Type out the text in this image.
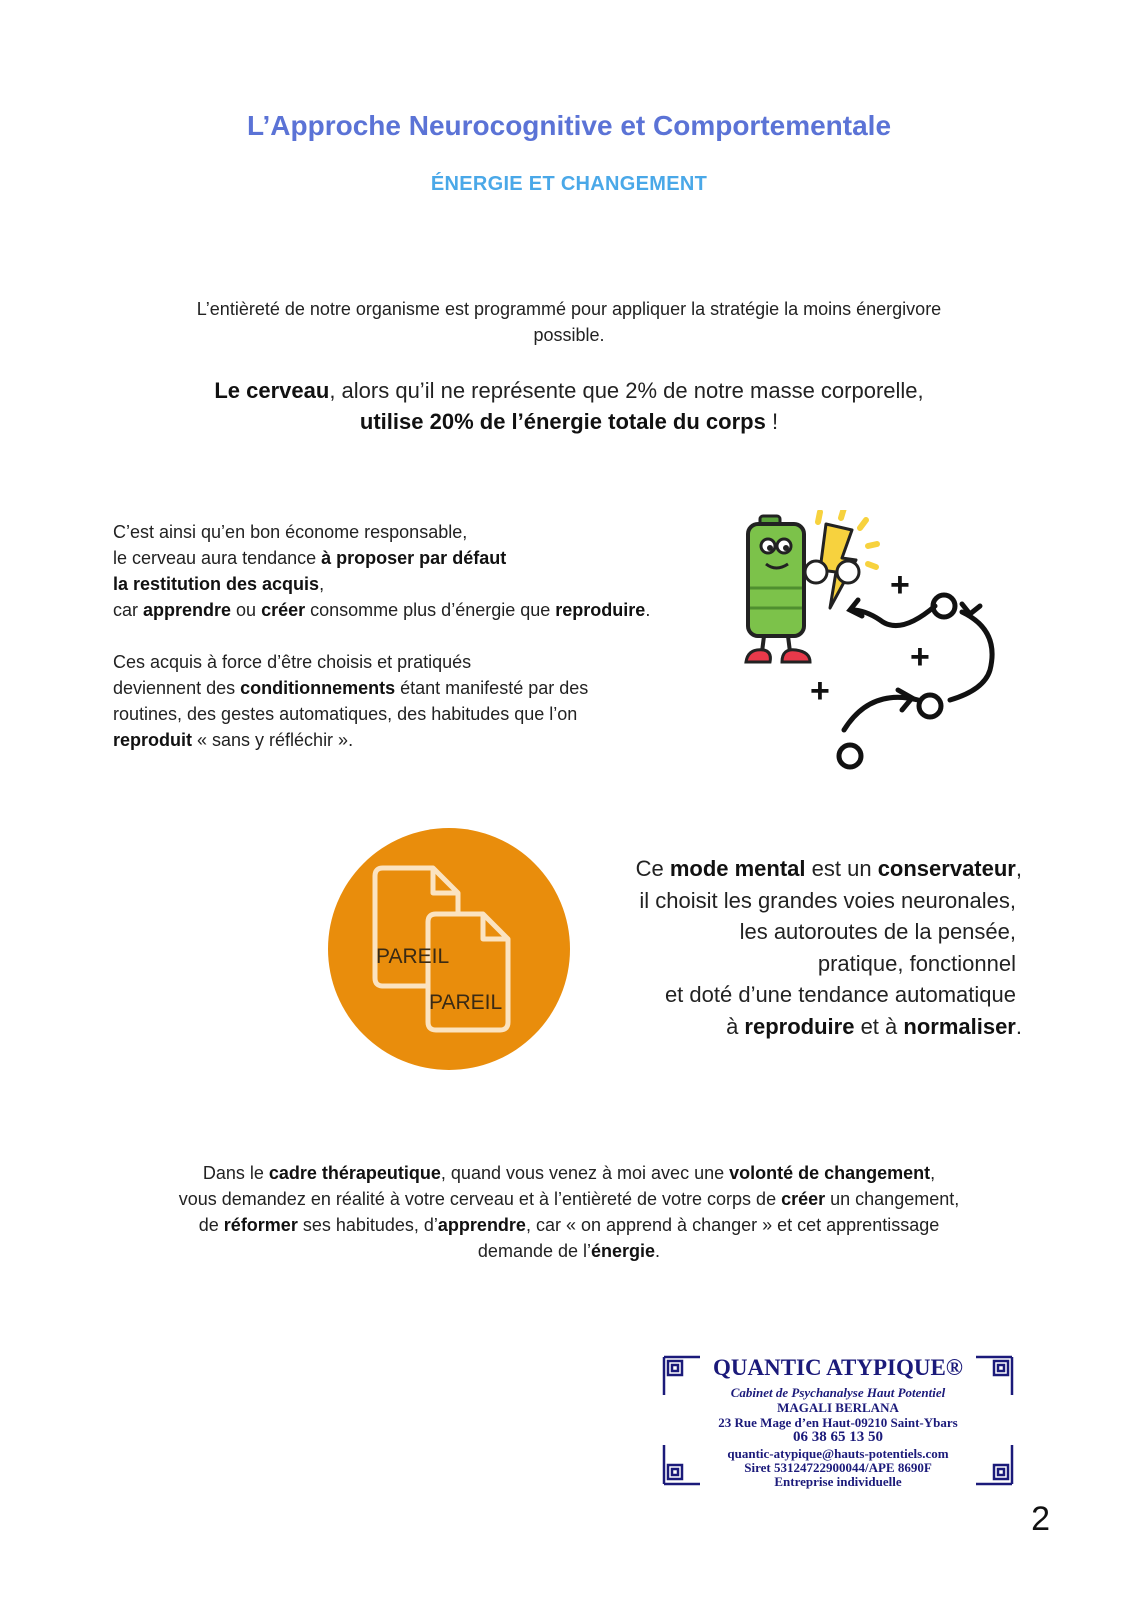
L’Approche Neurocognitive et Comportementale
ÉNERGIE ET CHANGEMENT
L’entièreté de notre organisme est programmé pour appliquer la stratégie la moins énergivore
possible.
Le cerveau, alors qu’il ne représente que 2% de notre masse corporelle,
utilise 20% de l’énergie totale du corps !
C’est ainsi qu’en bon économe responsable,
le cerveau aura tendance à proposer par défaut
la restitution des acquis,
car apprendre ou créer consomme plus d’énergie que reproduire.
Ces acquis à force d’être choisis et pratiqués
deviennent des conditionnements étant manifesté par des
routines, des gestes automatiques, des habitudes que l’on
reproduit « sans y réfléchir ».
+
+
+
PAREIL
PAREIL
Ce mode mental est un conservateur,
il choisit les grandes voies neuronales,
les autoroutes de la pensée,
pratique, fonctionnel
et doté d’une tendance automatique
à reproduire et à normaliser.
Dans le cadre thérapeutique, quand vous venez à moi avec une volonté de changement,
vous demandez en réalité à votre cerveau et à l’entièreté de votre corps de créer un changement,
de réformer ses habitudes, d’apprendre, car « on apprend à changer » et cet apprentissage
demande de l’énergie.
QUANTIC ATYPIQUE®
Cabinet de Psychanalyse Haut Potentiel
MAGALI BERLANA
23 Rue Mage d’en Haut-09210 Saint-Ybars
06 38 65 13 50
quantic-atypique@hauts-potentiels.com
Siret 53124722900044/APE 8690F
Entreprise individuelle
2
